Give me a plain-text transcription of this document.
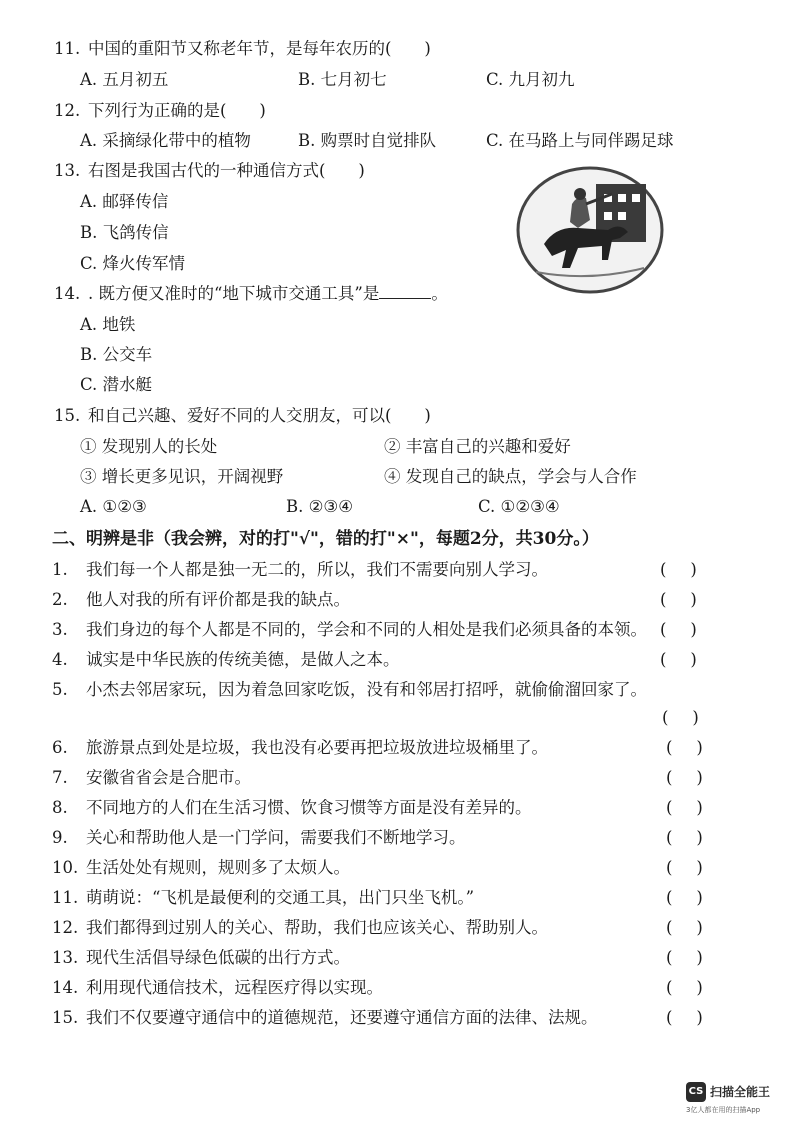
11. 中国的重阳节又称老年节，是每年农历的(　　)
A. 五月初五	B. 七月初七	C. 九月初九
12. 下列行为正确的是(　　)
A. 采摘绿化带中的植物	B. 购票时自觉排队	C. 在马路上与同伴踢足球
13. 右图是我国古代的一种通信方式(　　)
A. 邮驿传信
B. 飞鸽传信
C. 烽火传军情
14. . 既方便又准时的“地下城市交通工具”是	。
A. 地铁
B. 公交车
C. 潜水艇
15. 和自己兴趣、爱好不同的人交朋友，可以(　　)
① 发现别人的长处	② 丰富自己的兴趣和爱好
③ 增长更多见识，开阔视野	④ 发现自己的缺点，学会与人合作
A. ①②③	B. ②③④	C. ①②③④
二、明辨是非（我会辨，对的打"√"，错的打"×"，每题2分，共30分。）
1. 我们每一个人都是独一无二的，所以，我们不需要向别人学习。	()
2. 他人对我的所有评价都是我的缺点。	()
3. 我们身边的每个人都是不同的，学会和不同的人相处是我们必须具备的本领。 ()
4. 诚实是中华民族的传统美德，是做人之本。	()
5. 小杰去邻居家玩，因为着急回家吃饭，没有和邻居打招呼，就偷偷溜回家了。
()
6. 旅游景点到处是垃圾，我也没有必要再把垃圾放进垃圾桶里了。	()
7. 安徽省省会是合肥市。	()
8. 不同地方的人们在生活习惯、饮食习惯等方面是没有差异的。	()
9. 关心和帮助他人是一门学问，需要我们不断地学习。	()
10. 生活处处有规则，规则多了太烦人。	()
11. 萌萌说：“飞机是最便利的交通工具，出门只坐飞机。”	()
12. 我们都得到过别人的关心、帮助，我们也应该关心、帮助别人。	()
13. 现代生活倡导绿色低碳的出行方式。	()
14. 利用现代通信技术，远程医疗得以实现。	()
15. 我们不仅要遵守通信中的道德规范，还要遵守通信方面的法律、法规。	()
CS 扫描全能王
3亿人都在用的扫描App
